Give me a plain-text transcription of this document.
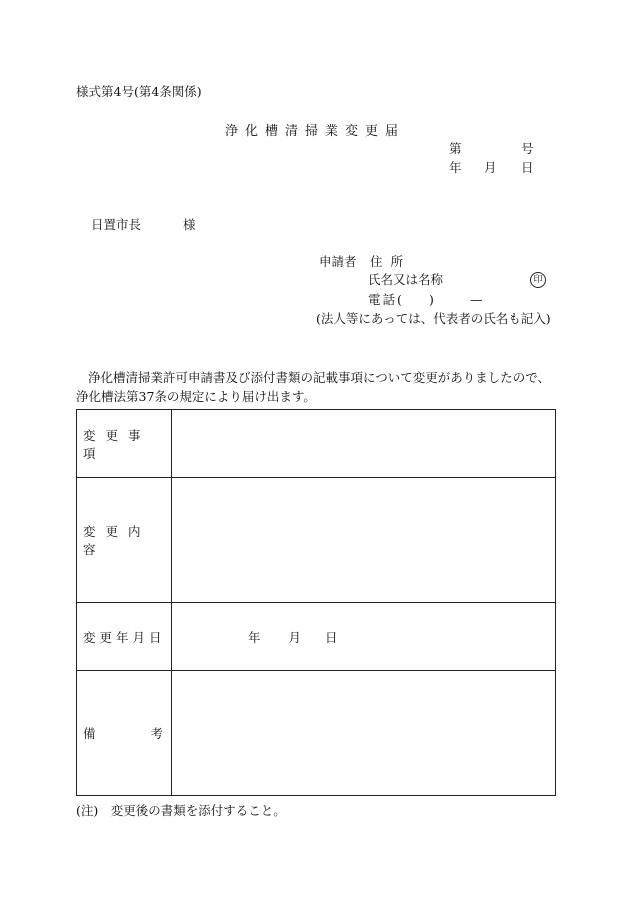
様式第4号(第4条関係)
浄化槽清掃業変更届
第	号
年 月 日
日置市長	様
申請者 住所
氏名又は名称	印
電話( )	—
(法人等にあっては、代表者の氏名も記入)
浄化槽清掃業許可申請書及び添付書類の記載事項について変更がありましたので、浄化槽法第37条の規定により届け出ます。
変更事項	
変更内容	
変更年月日	年 月 日

備 考	

(注)　変更後の書類を添付すること。
